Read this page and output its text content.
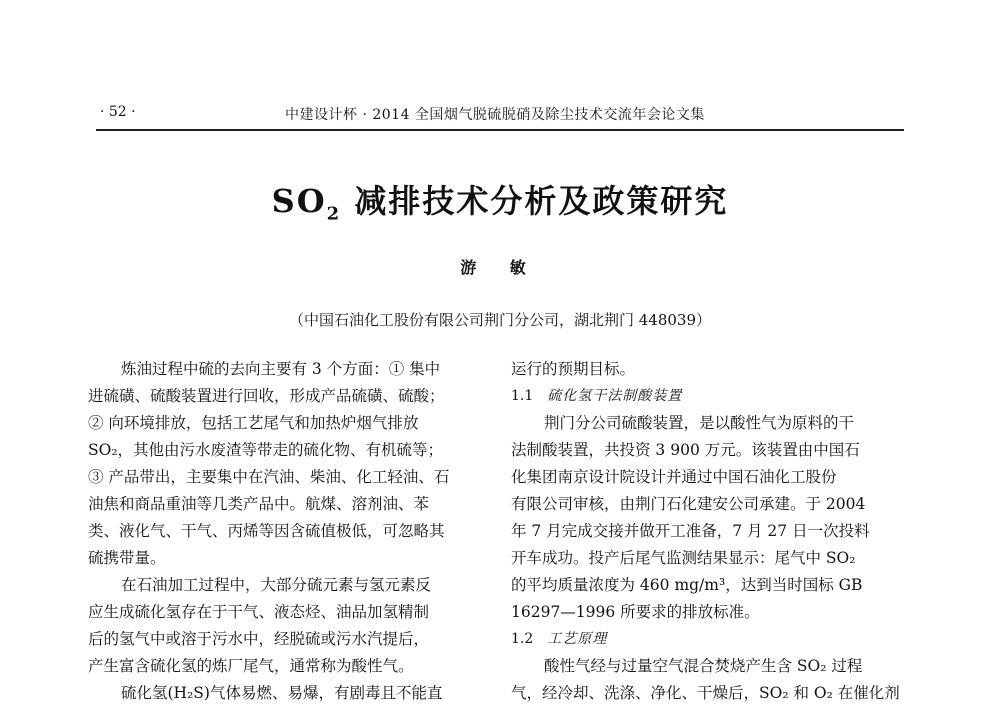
· 52 ·	中建设计杯 · 2014 全国烟气脱硫脱硝及除尘技术交流年会论文集
$SO_2$ 减排技术分析及政策研究
游 敏
（中国石油化工股份有限公司荆门分公司，湖北荆门 448039）
炼油过程中硫的去向主要有 3 个方面：① 集中
进硫磺、硫酸装置进行回收，形成产品硫磺、硫酸；
② 向环境排放，包括工艺尾气和加热炉烟气排放
SO₂，其他由污水废渣等带走的硫化物、有机硫等；
③ 产品带出，主要集中在汽油、柴油、化工轻油、石
油焦和商品重油等几类产品中。航煤、溶剂油、苯
类、液化气、干气、丙烯等因含硫值极低，可忽略其
硫携带量。
在石油加工过程中，大部分硫元素与氢元素反
应生成硫化氢存在于干气、液态烃、油品加氢精制
后的氢气中或溶于污水中，经脱硫或污水汽提后，
产生富含硫化氢的炼厂尾气，通常称为酸性气。
硫化氢(H₂S)气体易燃、易爆，有剧毒且不能直
运行的预期目标。
1.1 硫化氢干法制酸装置
荆门分公司硫酸装置，是以酸性气为原料的干
法制酸装置，共投资 3 900 万元。该装置由中国石
化集团南京设计院设计并通过中国石油化工股份
有限公司审核，由荆门石化建安公司承建。于 2004
年 7 月完成交接并做开工准备，7 月 27 日一次投料
开车成功。投产后尾气监测结果显示：尾气中 SO₂
的平均质量浓度为 460 mg/m³，达到当时国标 GB
16297—1996 所要求的排放标准。
1.2 工艺原理
酸性气经与过量空气混合焚烧产生含 SO₂ 过程
气，经冷却、洗涤、净化、干燥后，SO₂ 和 O₂ 在催化剂
